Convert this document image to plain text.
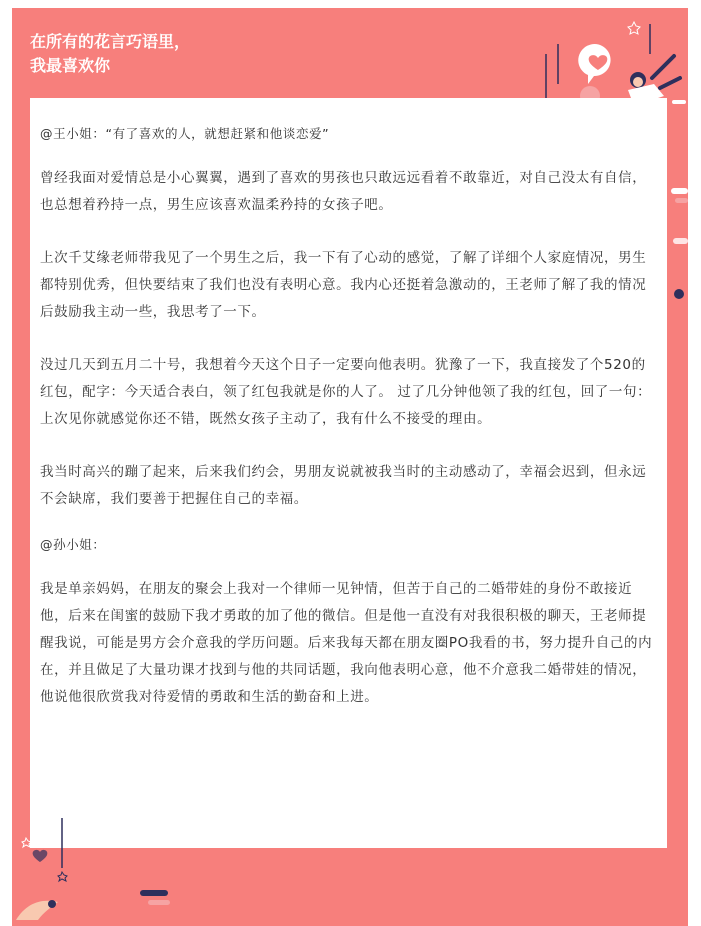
在所有的花言巧语里，
我最喜欢你

@王小姐：“有了喜欢的人，就想赶紧和他谈恋爱”

曾经我面对爱情总是小心翼翼，遇到了喜欢的男孩也只敢远远看着不敢靠近，对自己没太有自信，也总想着矜持一点，男生应该喜欢温柔矜持的女孩子吧。

上次千艾缘老师带我见了一个男生之后，我一下有了心动的感觉，了解了详细个人家庭情况，男生都特别优秀，但快要结束了我们也没有表明心意。我内心还挺着急激动的，王老师了解了我的情况后鼓励我主动一些，我思考了一下。

没过几天到五月二十号，我想着今天这个日子一定要向他表明。犹豫了一下，我直接发了个520的红包，配字：今天适合表白，领了红包我就是你的人了。 过了几分钟他领了我的红包，回了一句：上次见你就感觉你还不错，既然女孩子主动了，我有什么不接受的理由。

我当时高兴的蹦了起来，后来我们约会，男朋友说就被我当时的主动感动了，幸福会迟到，但永远不会缺席，我们要善于把握住自己的幸福。

@孙小姐：

我是单亲妈妈，在朋友的聚会上我对一个律师一见钟情，但苦于自己的二婚带娃的身份不敢接近他，后来在闺蜜的鼓励下我才勇敢的加了他的微信。但是他一直没有对我很积极的聊天，王老师提醒我说，可能是男方会介意我的学历问题。后来我每天都在朋友圈PO我看的书，努力提升自己的内在，并且做足了大量功课才找到与他的共同话题，我向他表明心意，他不介意我二婚带娃的情况，他说他很欣赏我对待爱情的勇敢和生活的勤奋和上进。
